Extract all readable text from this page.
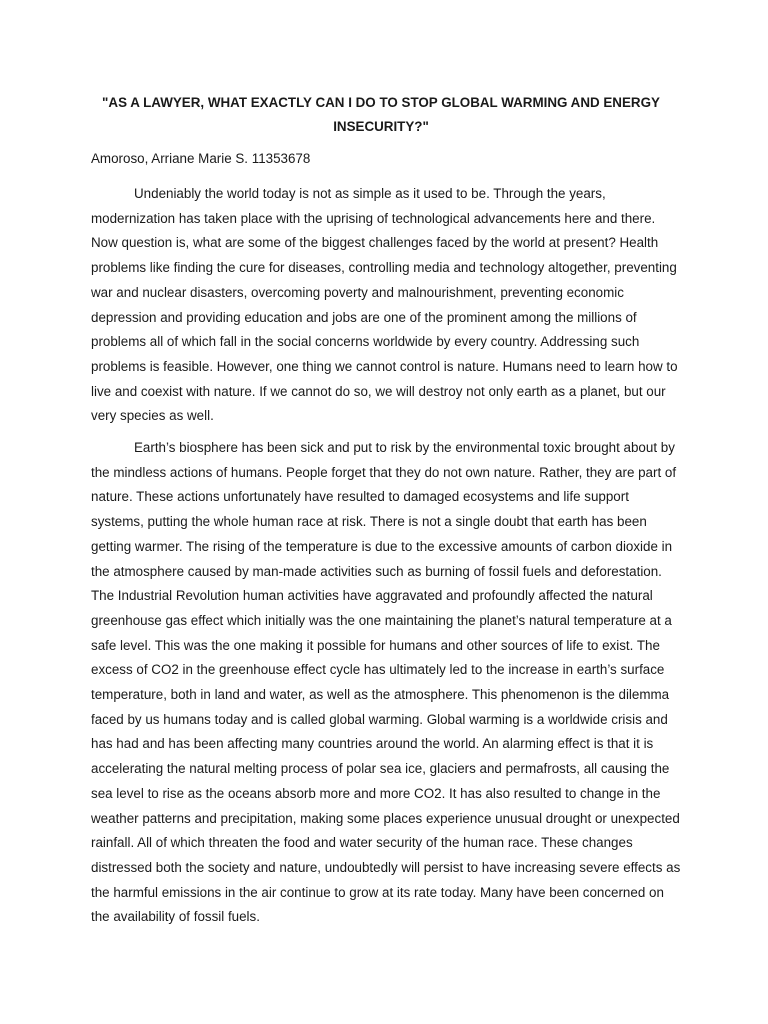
"AS A LAWYER, WHAT EXACTLY CAN I DO TO STOP GLOBAL WARMING AND ENERGY INSECURITY?"

Amoroso, Arriane Marie S. 11353678

Undeniably the world today is not as simple as it used to be. Through the years, modernization has taken place with the uprising of technological advancements here and there. Now question is, what are some of the biggest challenges faced by the world at present? Health problems like finding the cure for diseases, controlling media and technology altogether, preventing war and nuclear disasters, overcoming poverty and malnourishment, preventing economic depression and providing education and jobs are one of the prominent among the millions of problems all of which fall in the social concerns worldwide by every country. Addressing such problems is feasible. However, one thing we cannot control is nature. Humans need to learn how to live and coexist with nature. If we cannot do so, we will destroy not only earth as a planet, but our very species as well.

Earth’s biosphere has been sick and put to risk by the environmental toxic brought about by the mindless actions of humans. People forget that they do not own nature. Rather, they are part of nature. These actions unfortunately have resulted to damaged ecosystems and life support systems, putting the whole human race at risk. There is not a single doubt that earth has been getting warmer. The rising of the temperature is due to the excessive amounts of carbon dioxide in the atmosphere caused by man-made activities such as burning of fossil fuels and deforestation. The Industrial Revolution human activities have aggravated and profoundly affected the natural greenhouse gas effect which initially was the one maintaining the planet’s natural temperature at a safe level. This was the one making it possible for humans and other sources of life to exist. The excess of CO2 in the greenhouse effect cycle has ultimately led to the increase in earth’s surface temperature, both in land and water, as well as the atmosphere. This phenomenon is the dilemma faced by us humans today and is called global warming. Global warming is a worldwide crisis and has had and has been affecting many countries around the world. An alarming effect is that it is accelerating the natural melting process of polar sea ice, glaciers and permafrosts, all causing the sea level to rise as the oceans absorb more and more CO2. It has also resulted to change in the weather patterns and precipitation, making some places experience unusual drought or unexpected rainfall. All of which threaten the food and water security of the human race. These changes distressed both the society and nature, undoubtedly will persist to have increasing severe effects as the harmful emissions in the air continue to grow at its rate today. Many have been concerned on the availability of fossil fuels.
